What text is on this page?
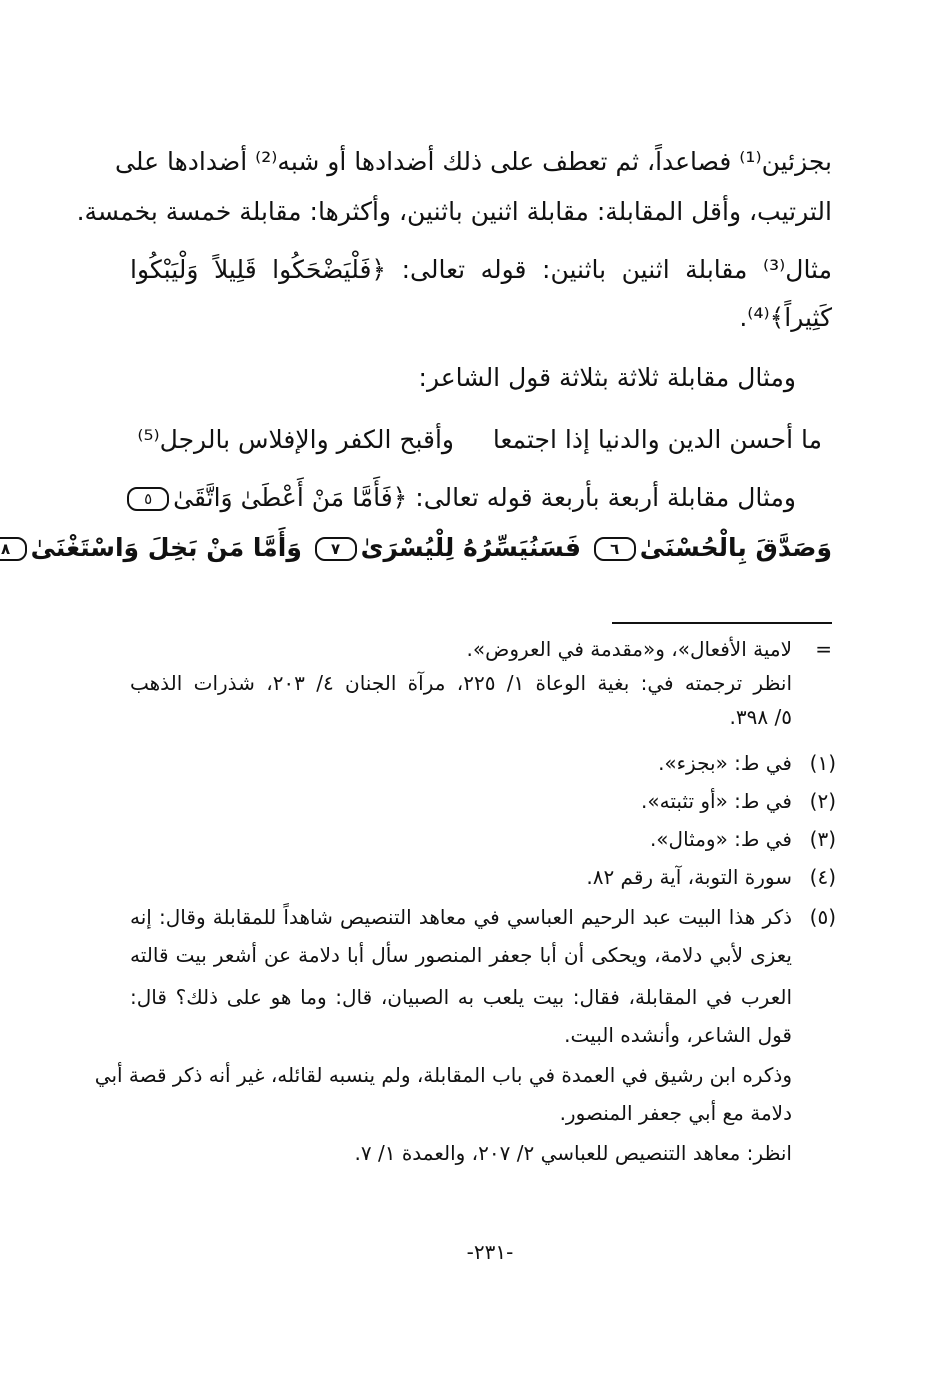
بجزئين⁽¹⁾ فصاعداً، ثم تعطف على ذلك أضدادها أو شبه⁽²⁾ أضدادها على
الترتيب، وأقل المقابلة: مقابلة اثنين باثنين، وأكثرها: مقابلة خمسة بخمسة.
مثال⁽³⁾ مقابلة اثنين باثنين: قوله تعالى: ﴿فَلْيَضْحَكُوا قَلِيلاً وَلْيَبْكُوا
كَثِيراً﴾⁽⁴⁾.
ومثال مقابلة ثلاثة بثلاثة قول الشاعر:
ما أحسن الدين والدنيا إذا اجتمعا
وأقبح الكفر والإفلاس بالرجل⁽⁵⁾
ومثال مقابلة أربعة بأربعة قوله تعالى: ﴿فَأَمَّا مَنْ أَعْطَىٰ وَاتَّقَىٰ٥
وَصَدَّقَ بِالْحُسْنَىٰ٦ فَسَنُيَسِّرُهُ لِلْيُسْرَىٰ٧ وَأَمَّا مَنْ بَخِلَ وَاسْتَغْنَىٰ٨
=
لامية الأفعال»، و«مقدمة في العروض».
انظر ترجمته في: بغية الوعاة ١/ ٢٢٥، مرآة الجنان ٤/ ٢٠٣، شذرات الذهب
٥/ ٣٩٨.
(١)
في ط: «بجزء».
(٢)
في ط: «أو تثبته».
(٣)
في ط: «ومثال».
(٤)
سورة التوبة، آية رقم ٨٢.
(٥)
ذكر هذا البيت عبد الرحيم العباسي في معاهد التنصيص شاهداً للمقابلة وقال: إنه
يعزى لأبي دلامة، ويحكى أن أبا جعفر المنصور سأل أبا دلامة عن أشعر بيت قالته
العرب في المقابلة، فقال: بيت يلعب به الصبيان، قال: وما هو على ذلك؟ قال:
قول الشاعر، وأنشده البيت.
وذكره ابن رشيق في العمدة في باب المقابلة، ولم ينسبه لقائله، غير أنه ذكر قصة أبي
دلامة مع أبي جعفر المنصور.
انظر: معاهد التنصيص للعباسي ٢/ ٢٠٧، والعمدة ١/ ٧.
-٢٣١-
